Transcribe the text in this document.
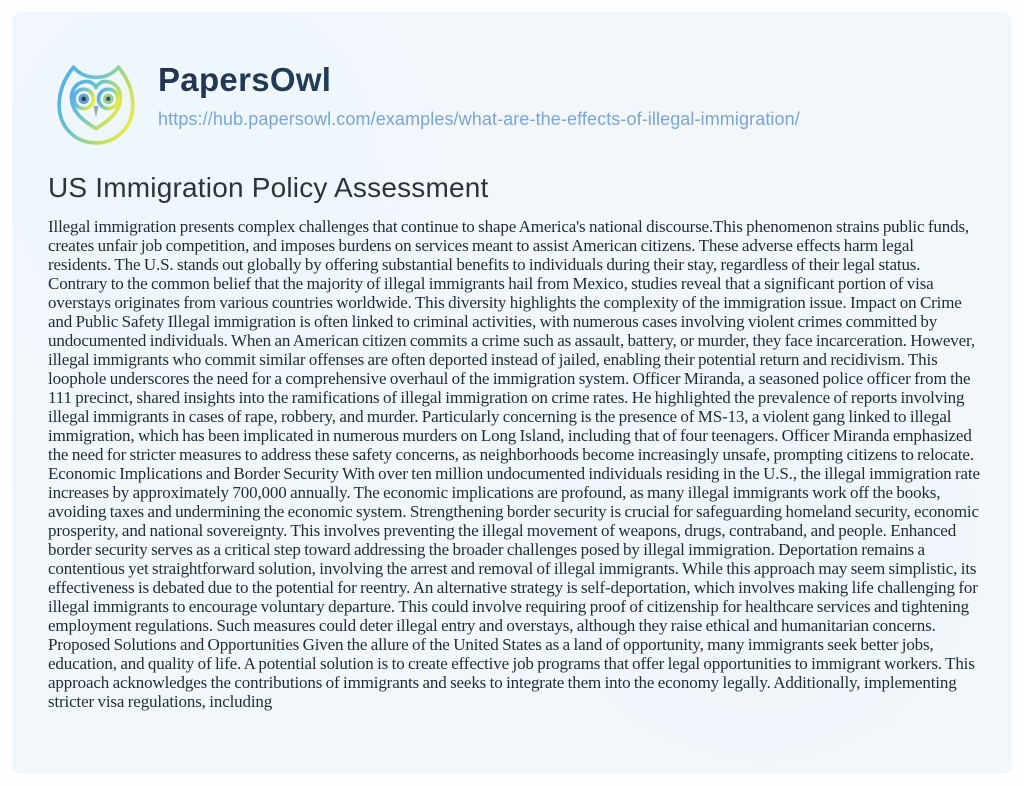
PapersOwl
https://hub.papersowl.com/examples/what-are-the-effects-of-illegal-immigration/
US Immigration Policy Assessment

Illegal immigration presents complex challenges that continue to shape America's national discourse.This phenomenon strains public funds, creates unfair job competition, and imposes burdens on services meant to assist American citizens. These adverse effects harm legal residents. The U.S. stands out globally by offering substantial benefits to individuals during their stay, regardless of their legal status. Contrary to the common belief that the majority of illegal immigrants hail from Mexico, studies reveal that a significant portion of visa overstays originates from various countries worldwide. This diversity highlights the complexity of the immigration issue. Impact on Crime and Public Safety Illegal immigration is often linked to criminal activities, with numerous cases involving violent crimes committed by undocumented individuals. When an American citizen commits a crime such as assault, battery, or murder, they face incarceration. However, illegal immigrants who commit similar offenses are often deported instead of jailed, enabling their potential return and recidivism. This loophole underscores the need for a comprehensive overhaul of the immigration system. Officer Miranda, a seasoned police officer from the 111 precinct, shared insights into the ramifications of illegal immigration on crime rates. He highlighted the prevalence of reports involving illegal immigrants in cases of rape, robbery, and murder. Particularly concerning is the presence of MS-13, a violent gang linked to illegal immigration, which has been implicated in numerous murders on Long Island, including that of four teenagers. Officer Miranda emphasized the need for stricter measures to address these safety concerns, as neighborhoods become increasingly unsafe, prompting citizens to relocate. Economic Implications and Border Security With over ten million undocumented individuals residing in the U.S., the illegal immigration rate increases by approximately 700,000 annually. The economic implications are profound, as many illegal immigrants work off the books, avoiding taxes and undermining the economic system. Strengthening border security is crucial for safeguarding homeland security, economic prosperity, and national sovereignty. This involves preventing the illegal movement of weapons, drugs, contraband, and people. Enhanced border security serves as a critical step toward addressing the broader challenges posed by illegal immigration. Deportation remains a contentious yet straightforward solution, involving the arrest and removal of illegal immigrants. While this approach may seem simplistic, its effectiveness is debated due to the potential for reentry. An alternative strategy is self-deportation, which involves making life challenging for illegal immigrants to encourage voluntary departure. This could involve requiring proof of citizenship for healthcare services and tightening employment regulations. Such measures could deter illegal entry and overstays, although they raise ethical and humanitarian concerns. Proposed Solutions and Opportunities Given the allure of the United States as a land of opportunity, many immigrants seek better jobs, education, and quality of life. A potential solution is to create effective job programs that offer legal opportunities to immigrant workers. This approach acknowledges the contributions of immigrants and seeks to integrate them into the economy legally. Additionally, implementing stricter visa regulations, including
